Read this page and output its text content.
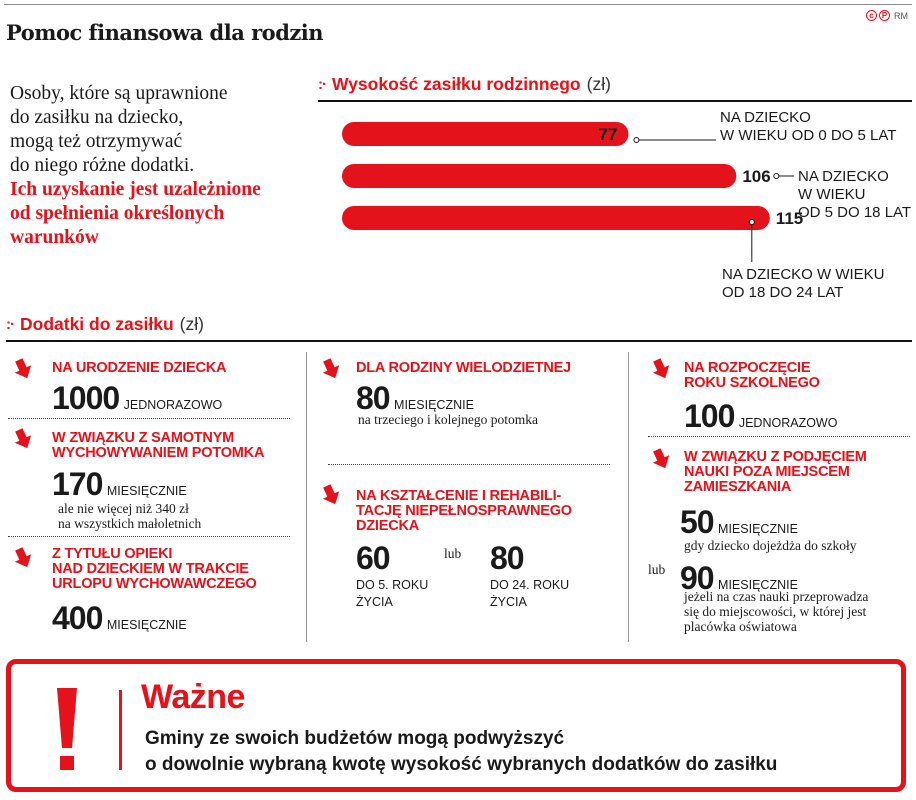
Pomoc finansowa dla rodzin
c	P RM
Osoby, które są uprawnione
do zasiłku na dziecko,
mogą też otrzymywać
do niego różne dodatki.
Ich uzyskanie jest uzależnione
od spełnienia określonych
warunków
:· Wysokość zasiłku rodzinnego (zł)
77
106
115
NA DZIECKO
W WIEKU OD 0 DO 5 LAT
NA DZIECKO
W WIEKU
OD 5 DO 18 LAT
NA DZIECKO W WIEKU
OD 18 DO 24 LAT
:· Dodatki do zasiłku (zł)
NA URODZENIE DZIECKA
1000 JEDNORAZOWO
W ZWIĄZKU Z SAMOTNYM
WYCHOWYWANIEM POTOMKA
170 MIESIĘCZNIE
ale nie więcej niż 340 zł
na wszystkich małoletnich
Z TYTUŁU OPIEKI
NAD DZIECKIEM W TRAKCIE
URLOPU WYCHOWAWCZEGO
400 MIESIĘCZNIE
DLA RODZINY WIELODZIETNEJ
80 MIESIĘCZNIE
na trzeciego i kolejnego potomka
NA KSZTAŁCENIE I REHABILI-
TACJĘ NIEPEŁNOSPRAWNEGO
DZIECKA
60
DO 5. ROKU
ŻYCIA
lub 80
DO 24. ROKU
ŻYCIA
NA ROZPOCZĘCIE
ROKU SZKOLNEGO
100 JEDNORAZOWO
W ZWIĄZKU Z PODJĘCIEM
NAUKI POZA MIEJSCEM
ZAMIESZKANIA
50 MIESIĘCZNIE
gdy dziecko dojeżdża do szkoły
lub 90 MIESIĘCZNIE
jeżeli na czas nauki przeprowadza
się do miejscowości, w której jest
placówka oświatowa
Ważne
Gminy ze swoich budżetów mogą podwyższyć
o dowolnie wybraną kwotę wysokość wybranych dodatków do zasiłku
